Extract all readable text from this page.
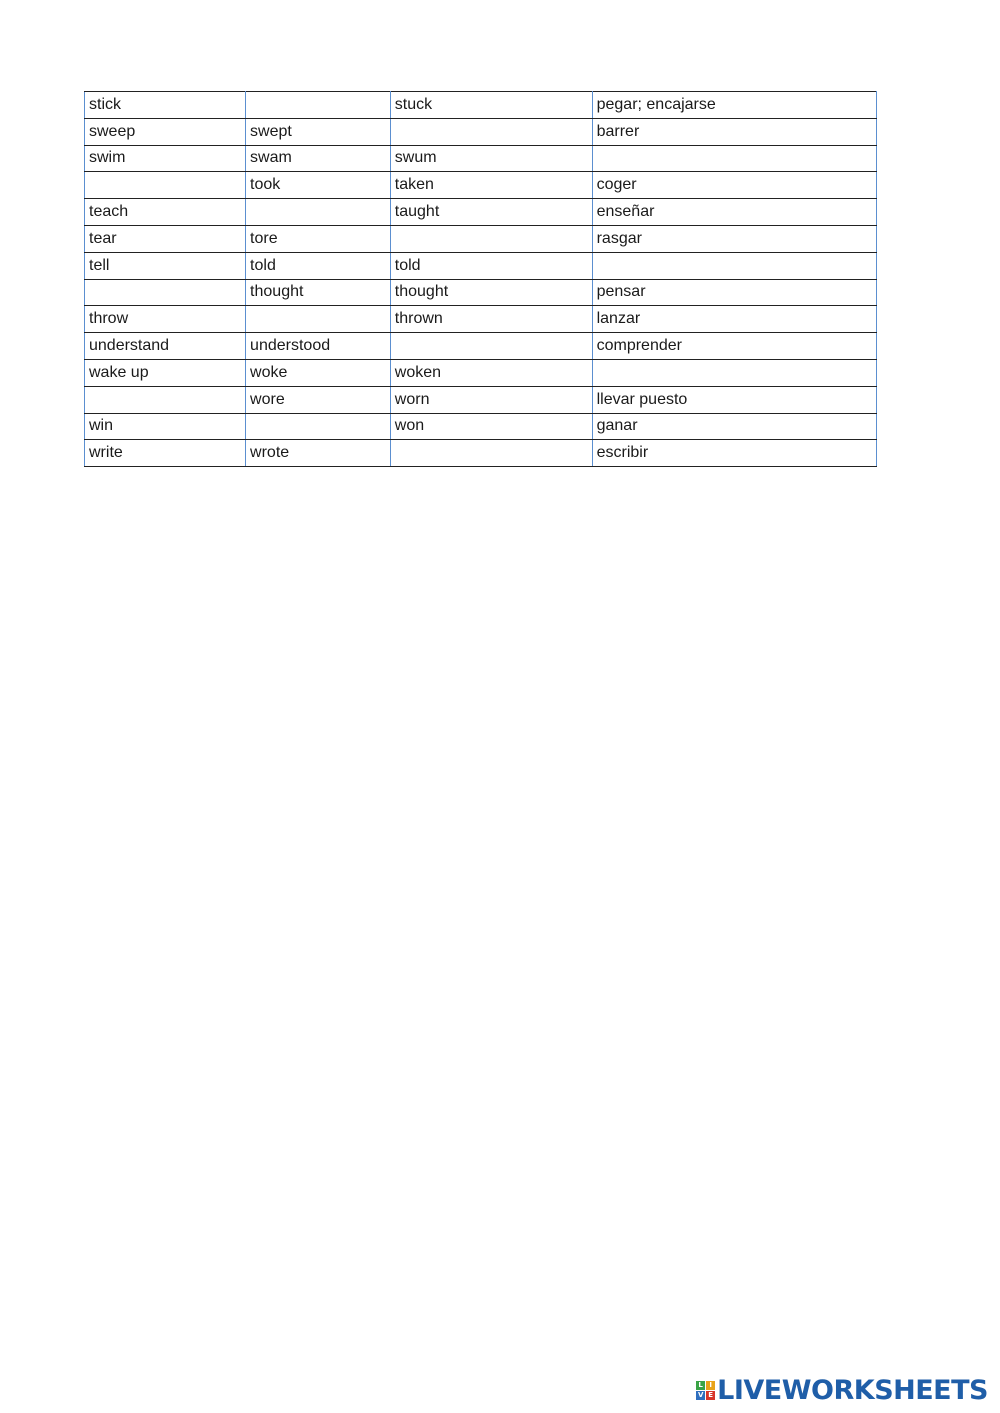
stick		stuck	pegar; encajarse
sweep	swept		barrer
swim	swam	swum	
	took	taken	coger
teach		taught	enseñar
tear	tore		rasgar
tell	told	told	
	thought	thought	pensar
throw		thrown	lanzar
understand	understood		comprender
wake up	woke	woken	
	wore	worn	llevar puesto
win		won	ganar
write	wrote		escribir
L I
V E LIVEWORKSHEETS
